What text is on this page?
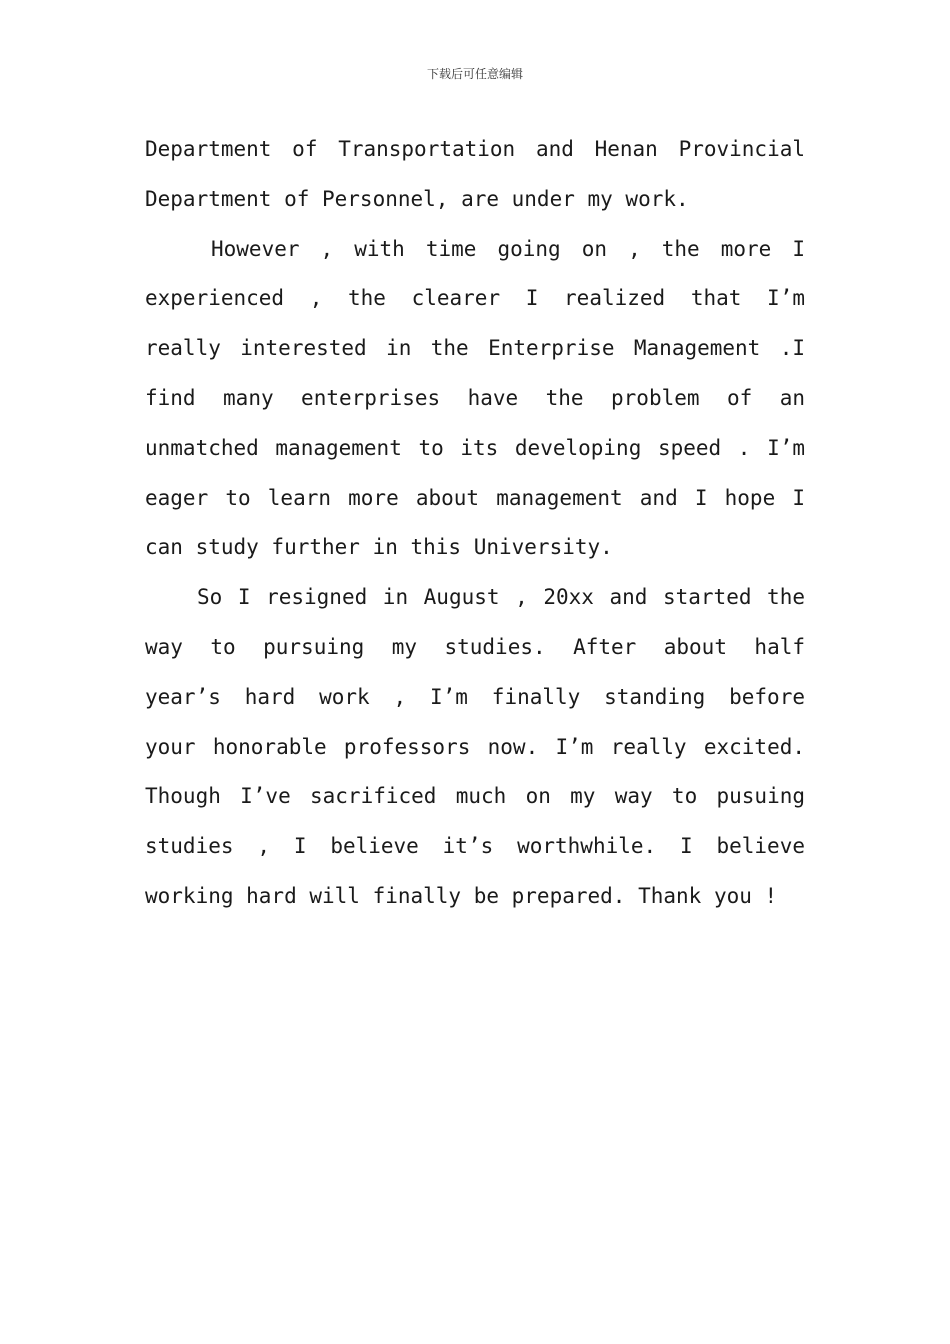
下载后可任意编辑
Department of Transportation and Henan Provincial
Department of Personnel, are under my work.
However , with time going on , the more I
experienced , the clearer I realized that I’m
really interested in the Enterprise Management .I
find many enterprises have the problem of an
unmatched management to its developing speed . I’m
eager to learn more about management and I hope I
can study further in this University.
So I resigned in August , 20xx and started the
way to pursuing my studies. After about half
year’s hard work , I’m finally standing before
your honorable professors now. I’m really excited.
Though I’ve sacrificed much on my way to pusuing
studies , I believe it’s worthwhile. I believe
working hard will finally be prepared. Thank you !
